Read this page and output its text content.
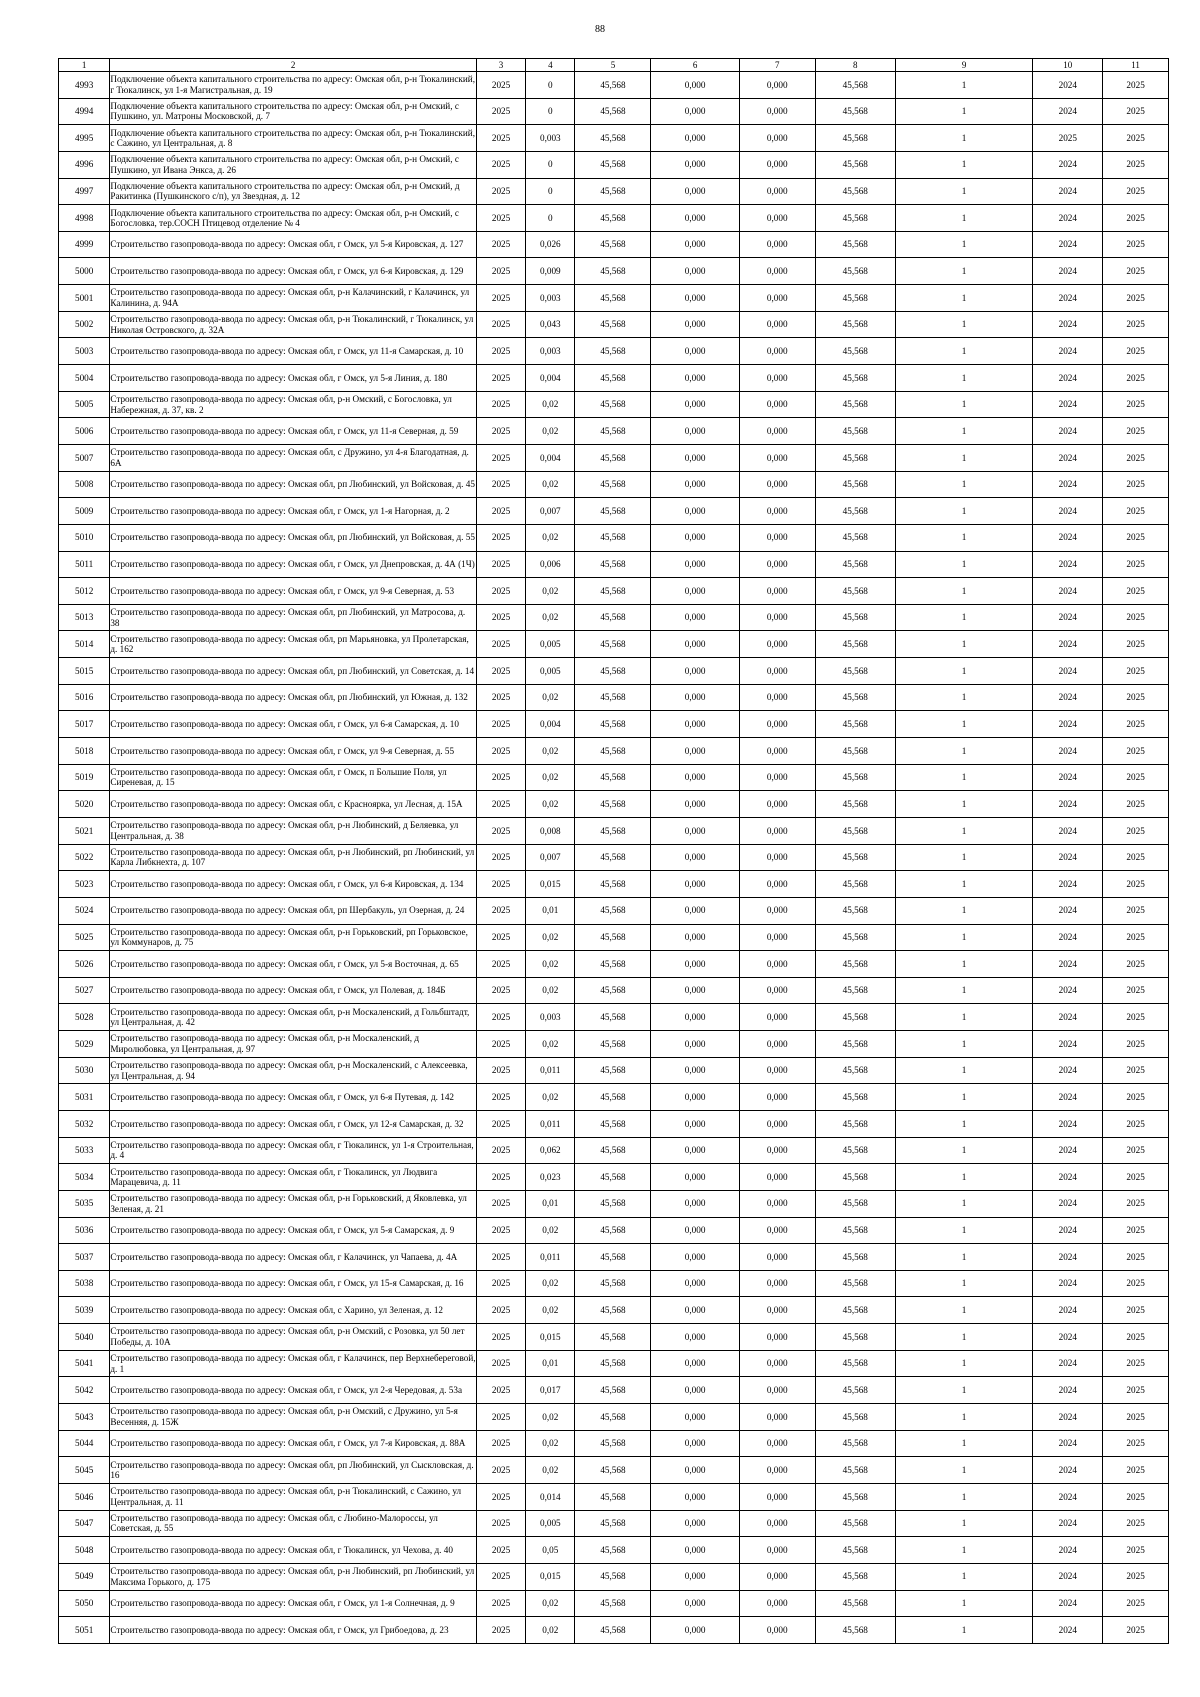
88
1	2	3	4	5	6	7	8	9	10	11
4993	Подключение объекта капитального строительства по адресу: Омская обл, р-н Тюкалинский, г Тюкалинск, ул 1-я Магистральная, д. 19	2025	0	45,568	0,000	0,000	45,568	1	2024	2025
4994	Подключение объекта капитального строительства по адресу: Омская обл, р-н Омский, с Пушкино, ул. Матроны Московской, д. 7	2025	0	45,568	0,000	0,000	45,568	1	2024	2025
4995	Подключение объекта капитального строительства по адресу: Омская обл, р-н Тюкалинский, с Сажино, ул Центральная, д. 8	2025	0,003	45,568	0,000	0,000	45,568	1	2025	2025
4996	Подключение объекта капитального строительства по адресу: Омская обл, р-н Омский, с Пушкино, ул Ивана Энкса, д. 26	2025	0	45,568	0,000	0,000	45,568	1	2024	2025
4997	Подключение объекта капитального строительства по адресу: Омская обл, р-н Омский, д Ракитинка (Пушкинского с/п), ул Звездная, д. 12	2025	0	45,568	0,000	0,000	45,568	1	2024	2025
4998	Подключение объекта капитального строительства по адресу: Омская обл, р-н Омский, с Богословка, тер.СОСН Птицевод отделение № 4	2025	0	45,568	0,000	0,000	45,568	1	2024	2025
4999	Строительство газопровода-ввода по адресу: Омская обл, г Омск, ул 5-я Кировская, д. 127	2025	0,026	45,568	0,000	0,000	45,568	1	2024	2025
5000	Строительство газопровода-ввода по адресу: Омская обл, г Омск, ул 6-я Кировская, д. 129	2025	0,009	45,568	0,000	0,000	45,568	1	2024	2025
5001	Строительство газопровода-ввода по адресу: Омская обл, р-н Калачинский, г Калачинск, ул Калинина, д. 94А	2025	0,003	45,568	0,000	0,000	45,568	1	2024	2025
5002	Строительство газопровода-ввода по адресу: Омская обл, р-н Тюкалинский, г Тюкалинск, ул Николая Островского, д. 32А	2025	0,043	45,568	0,000	0,000	45,568	1	2024	2025
5003	Строительство газопровода-ввода по адресу: Омская обл, г Омск, ул 11-я Самарская, д. 10	2025	0,003	45,568	0,000	0,000	45,568	1	2024	2025
5004	Строительство газопровода-ввода по адресу: Омская обл, г Омск, ул 5-я Линия, д. 180	2025	0,004	45,568	0,000	0,000	45,568	1	2024	2025
5005	Строительство газопровода-ввода по адресу: Омская обл, р-н Омский, с Богословка, ул Набережная, д. 37, кв. 2	2025	0,02	45,568	0,000	0,000	45,568	1	2024	2025
5006	Строительство газопровода-ввода по адресу: Омская обл, г Омск, ул 11-я Северная, д. 59	2025	0,02	45,568	0,000	0,000	45,568	1	2024	2025
5007	Строительство газопровода-ввода по адресу: Омская обл, с Дружино, ул 4-я Благодатная, д. 6А	2025	0,004	45,568	0,000	0,000	45,568	1	2024	2025
5008	Строительство газопровода-ввода по адресу: Омская обл, рп Любинский, ул Войсковая, д. 45	2025	0,02	45,568	0,000	0,000	45,568	1	2024	2025
5009	Строительство газопровода-ввода по адресу: Омская обл, г Омск, ул 1-я Нагорная, д. 2	2025	0,007	45,568	0,000	0,000	45,568	1	2024	2025
5010	Строительство газопровода-ввода по адресу: Омская обл, рп Любинский, ул Войсковая, д. 55	2025	0,02	45,568	0,000	0,000	45,568	1	2024	2025
5011	Строительство газопровода-ввода по адресу: Омская обл, г Омск, ул Днепровская, д. 4А (1Ч)	2025	0,006	45,568	0,000	0,000	45,568	1	2024	2025
5012	Строительство газопровода-ввода по адресу: Омская обл, г Омск, ул 9-я Северная, д. 53	2025	0,02	45,568	0,000	0,000	45,568	1	2024	2025
5013	Строительство газопровода-ввода по адресу: Омская обл, рп Любинский, ул Матросова, д. 38	2025	0,02	45,568	0,000	0,000	45,568	1	2024	2025
5014	Строительство газопровода-ввода по адресу: Омская обл, рп Марьяновка, ул Пролетарская, д. 162	2025	0,005	45,568	0,000	0,000	45,568	1	2024	2025
5015	Строительство газопровода-ввода по адресу: Омская обл, рп Любинский, ул Советская, д. 14	2025	0,005	45,568	0,000	0,000	45,568	1	2024	2025
5016	Строительство газопровода-ввода по адресу: Омская обл, рп Любинский, ул Южная, д. 132	2025	0,02	45,568	0,000	0,000	45,568	1	2024	2025
5017	Строительство газопровода-ввода по адресу: Омская обл, г Омск, ул 6-я Самарская, д. 10	2025	0,004	45,568	0,000	0,000	45,568	1	2024	2025
5018	Строительство газопровода-ввода по адресу: Омская обл, г Омск, ул 9-я Северная, д. 55	2025	0,02	45,568	0,000	0,000	45,568	1	2024	2025
5019	Строительство газопровода-ввода по адресу: Омская обл, г Омск, п Большие Поля, ул Сиреневая, д. 15	2025	0,02	45,568	0,000	0,000	45,568	1	2024	2025
5020	Строительство газопровода-ввода по адресу: Омская обл, с Красноярка, ул Лесная, д. 15А	2025	0,02	45,568	0,000	0,000	45,568	1	2024	2025
5021	Строительство газопровода-ввода по адресу: Омская обл, р-н Любинский, д Беляевка, ул Центральная, д. 38	2025	0,008	45,568	0,000	0,000	45,568	1	2024	2025
5022	Строительство газопровода-ввода по адресу: Омская обл, р-н Любинский, рп Любинский, ул Карла Либкнехта, д. 107	2025	0,007	45,568	0,000	0,000	45,568	1	2024	2025
5023	Строительство газопровода-ввода по адресу: Омская обл, г Омск, ул 6-я Кировская, д. 134	2025	0,015	45,568	0,000	0,000	45,568	1	2024	2025
5024	Строительство газопровода-ввода по адресу: Омская обл, рп Шербакуль, ул Озерная, д. 24	2025	0,01	45,568	0,000	0,000	45,568	1	2024	2025
5025	Строительство газопровода-ввода по адресу: Омская обл, р-н Горьковский, рп Горьковское, ул Коммунаров, д. 75	2025	0,02	45,568	0,000	0,000	45,568	1	2024	2025
5026	Строительство газопровода-ввода по адресу: Омская обл, г Омск, ул 5-я Восточная, д. 65	2025	0,02	45,568	0,000	0,000	45,568	1	2024	2025
5027	Строительство газопровода-ввода по адресу: Омская обл, г Омск, ул Полевая, д. 184Б	2025	0,02	45,568	0,000	0,000	45,568	1	2024	2025
5028	Строительство газопровода-ввода по адресу: Омская обл, р-н Москаленский, д Гольбштадт, ул Центральная, д. 42	2025	0,003	45,568	0,000	0,000	45,568	1	2024	2025
5029	Строительство газопровода-ввода по адресу: Омская обл, р-н Москаленский, д Миролюбовка, ул Центральная, д. 97	2025	0,02	45,568	0,000	0,000	45,568	1	2024	2025
5030	Строительство газопровода-ввода по адресу: Омская обл, р-н Москаленский, с Алексеевка, ул Центральная, д. 94	2025	0,011	45,568	0,000	0,000	45,568	1	2024	2025
5031	Строительство газопровода-ввода по адресу: Омская обл, г Омск, ул 6-я Путевая, д. 142	2025	0,02	45,568	0,000	0,000	45,568	1	2024	2025
5032	Строительство газопровода-ввода по адресу: Омская обл, г Омск, ул 12-я Самарская, д. 32	2025	0,011	45,568	0,000	0,000	45,568	1	2024	2025
5033	Строительство газопровода-ввода по адресу: Омская обл, г Тюкалинск, ул 1-я Строительная, д. 4	2025	0,062	45,568	0,000	0,000	45,568	1	2024	2025
5034	Строительство газопровода-ввода по адресу: Омская обл, г Тюкалинск, ул Людвига Марацевича, д. 11	2025	0,023	45,568	0,000	0,000	45,568	1	2024	2025
5035	Строительство газопровода-ввода по адресу: Омская обл, р-н Горьковский, д Яковлевка, ул Зеленая, д. 21	2025	0,01	45,568	0,000	0,000	45,568	1	2024	2025
5036	Строительство газопровода-ввода по адресу: Омская обл, г Омск, ул 5-я Самарская, д. 9	2025	0,02	45,568	0,000	0,000	45,568	1	2024	2025
5037	Строительство газопровода-ввода по адресу: Омская обл, г Калачинск, ул Чапаева, д. 4А	2025	0,011	45,568	0,000	0,000	45,568	1	2024	2025
5038	Строительство газопровода-ввода по адресу: Омская обл, г Омск, ул 15-я Самарская, д. 16	2025	0,02	45,568	0,000	0,000	45,568	1	2024	2025
5039	Строительство газопровода-ввода по адресу: Омская обл, с Харино, ул Зеленая, д. 12	2025	0,02	45,568	0,000	0,000	45,568	1	2024	2025
5040	Строительство газопровода-ввода по адресу: Омская обл, р-н Омский, с Розовка, ул 50 лет Победы, д. 10А	2025	0,015	45,568	0,000	0,000	45,568	1	2024	2025
5041	Строительство газопровода-ввода по адресу: Омская обл, г Калачинск, пер Верхнебереговой, д. 1	2025	0,01	45,568	0,000	0,000	45,568	1	2024	2025
5042	Строительство газопровода-ввода по адресу: Омская обл, г Омск, ул 2-я Чередовая, д. 53а	2025	0,017	45,568	0,000	0,000	45,568	1	2024	2025
5043	Строительство газопровода-ввода по адресу: Омская обл, р-н Омский, с Дружино, ул 5-я Весенняя, д. 15Ж	2025	0,02	45,568	0,000	0,000	45,568	1	2024	2025
5044	Строительство газопровода-ввода по адресу: Омская обл, г Омск, ул 7-я Кировская, д. 88А	2025	0,02	45,568	0,000	0,000	45,568	1	2024	2025
5045	Строительство газопровода-ввода по адресу: Омская обл, рп Любинский, ул Сыскловская, д. 16	2025	0,02	45,568	0,000	0,000	45,568	1	2024	2025
5046	Строительство газопровода-ввода по адресу: Омская обл, р-н Тюкалинский, с Сажино, ул Центральная, д. 11	2025	0,014	45,568	0,000	0,000	45,568	1	2024	2025
5047	Строительство газопровода-ввода по адресу: Омская обл, с Любино-Малороссы, ул Советская, д. 55	2025	0,005	45,568	0,000	0,000	45,568	1	2024	2025
5048	Строительство газопровода-ввода по адресу: Омская обл, г Тюкалинск, ул Чехова, д. 40	2025	0,05	45,568	0,000	0,000	45,568	1	2024	2025
5049	Строительство газопровода-ввода по адресу: Омская обл, р-н Любинский, рп Любинский, ул Максима Горького, д. 175	2025	0,015	45,568	0,000	0,000	45,568	1	2024	2025
5050	Строительство газопровода-ввода по адресу: Омская обл, г Омск, ул 1-я Солнечная, д. 9	2025	0,02	45,568	0,000	0,000	45,568	1	2024	2025
5051	Строительство газопровода-ввода по адресу: Омская обл, г Омск, ул Грибоедова, д. 23	2025	0,02	45,568	0,000	0,000	45,568	1	2024	2025
